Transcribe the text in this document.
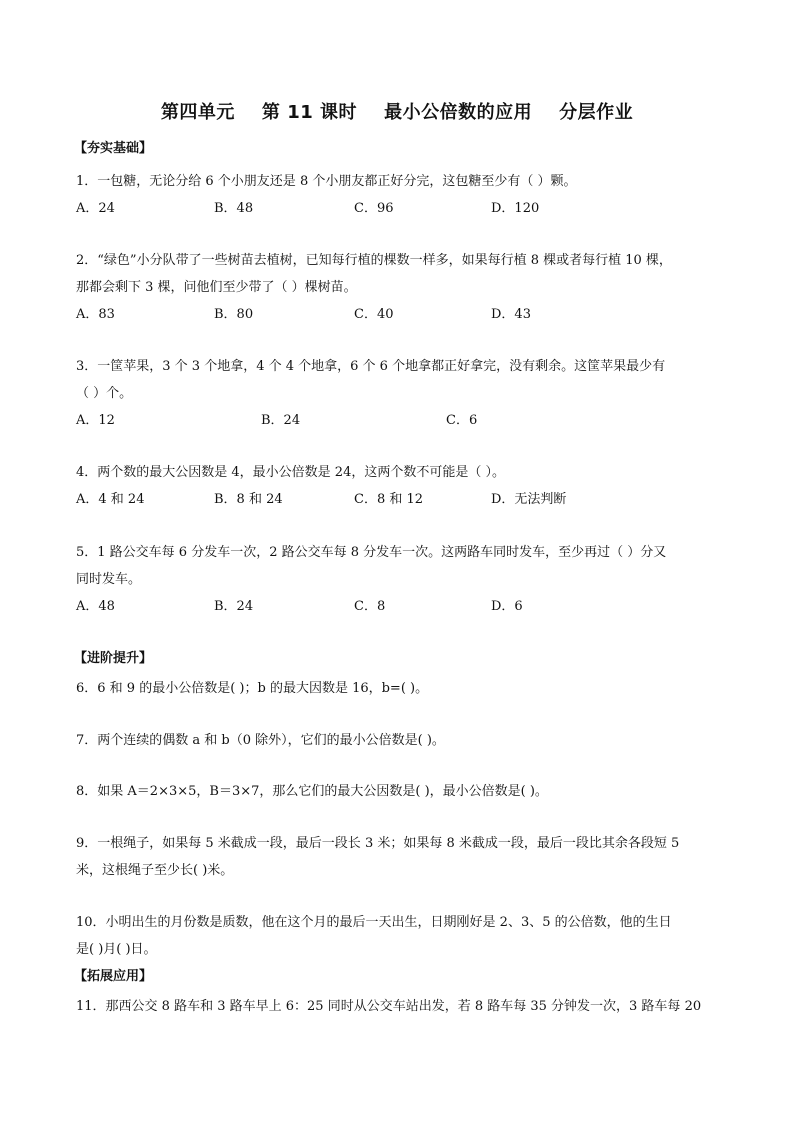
第四单元    第 11 课时    最小公倍数的应用    分层作业
【夯实基础】
1．一包糖，无论分给 6 个小朋友还是 8 个小朋友都正好分完，这包糖至少有（ ）颗。
A．24	B．48	C．96	D．120
2．“绿色”小分队带了一些树苗去植树，已知每行植的棵数一样多，如果每行植 8 棵或者每行植 10 棵，
那都会剩下 3 棵，问他们至少带了（ ）棵树苗。
A．83	B．80	C．40	D．43
3．一筐苹果，3 个 3 个地拿，4 个 4 个地拿，6 个 6 个地拿都正好拿完，没有剩余。这筐苹果最少有
（ ）个。
A．12	B．24	C．6
4．两个数的最大公因数是 4，最小公倍数是 24，这两个数不可能是（ ）。
A．4 和 24	B．8 和 24	C．8 和 12	D．无法判断
5．1 路公交车每 6 分发车一次，2 路公交车每 8 分发车一次。这两路车同时发车，至少再过（ ）分又
同时发车。
A．48	B．24	C．8	D．6
【进阶提升】
6．6 和 9 的最小公倍数是( )；b 的最大因数是 16，b=( )。
7．两个连续的偶数 a 和 b（0 除外），它们的最小公倍数是( )。
8．如果 A＝2×3×5，B＝3×7，那么它们的最大公因数是( )，最小公倍数是( )。
9．一根绳子，如果每 5 米截成一段，最后一段长 3 米；如果每 8 米截成一段，最后一段比其余各段短 5
米，这根绳子至少长( )米。
10．小明出生的月份数是质数，他在这个月的最后一天出生，日期刚好是 2、3、5 的公倍数，他的生日
是( )月( )日。
【拓展应用】
11．那西公交 8 路车和 3 路车早上 6：25 同时从公交车站出发，若 8 路车每 35 分钟发一次，3 路车每 20
